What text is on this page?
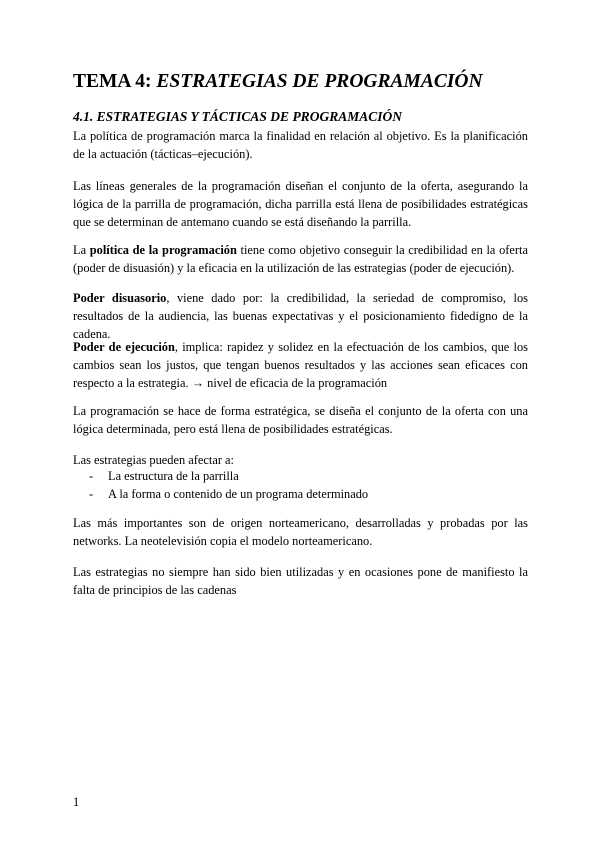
TEMA 4: ESTRATEGIAS DE PROGRAMACIÓN
4.1. ESTRATEGIAS Y TÁCTICAS DE PROGRAMACIÓN

La política de programación marca la finalidad en relación al objetivo. Es la planificación de la actuación (tácticas–ejecución).

Las líneas generales de la programación diseñan el conjunto de la oferta, asegurando la lógica de la parrilla de programación, dicha parrilla está llena de posibilidades estratégicas que se determinan de antemano cuando se está diseñando la parrilla.

La política de la programación tiene como objetivo conseguir la credibilidad en la oferta (poder de disuasión) y la eficacia en la utilización de las estrategias (poder de ejecución).

Poder disuasorio, viene dado por: la credibilidad, la seriedad de compromiso, los resultados de la audiencia, las buenas expectativas y el posicionamiento fidedigno de la cadena.

Poder de ejecución, implica: rapidez y solidez en la efectuación de los cambios, que los cambios sean los justos, que tengan buenos resultados y las acciones sean eficaces con respecto a la estrategia. → nivel de eficacia de la programación

La programación se hace de forma estratégica, se diseña el conjunto de la oferta con una lógica determinada, pero está llena de posibilidades estratégicas.

Las estrategias pueden afectar a:

- La estructura de la parrilla
- A la forma o contenido de un programa determinado

Las más importantes son de origen norteamericano, desarrolladas y probadas por las networks. La neotelevisión copia el modelo norteamericano.

Las estrategias no siempre han sido bien utilizadas y en ocasiones pone de manifiesto la falta de principios de las cadenas

1
